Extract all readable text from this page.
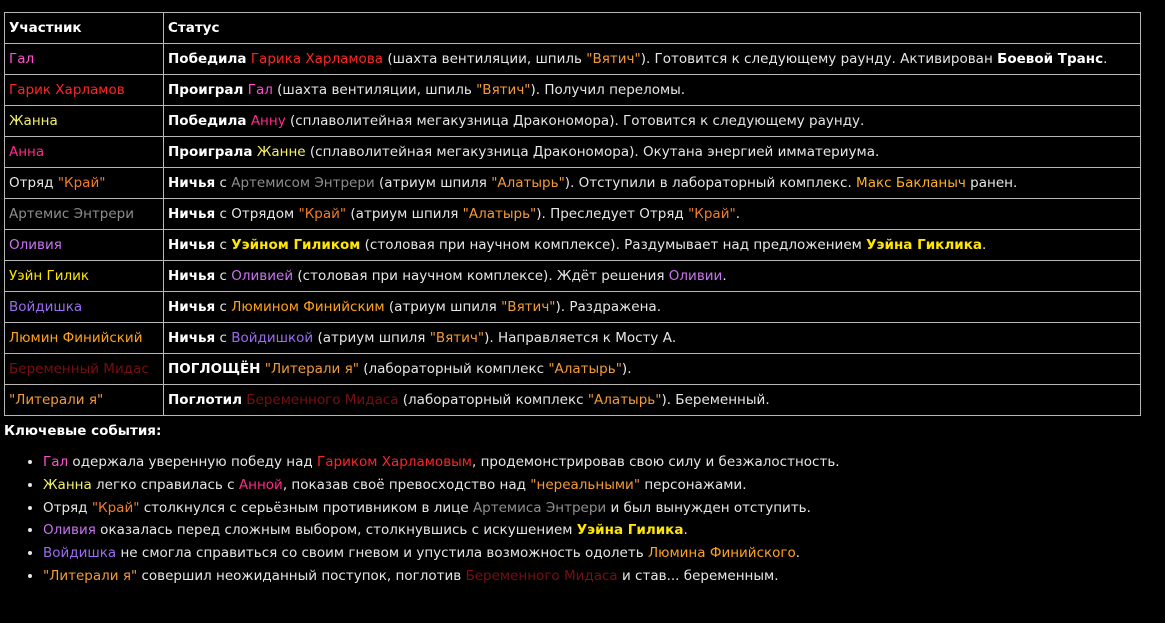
Участник	Статус
Гал	Победила Гарика Харламова (шахта вентиляции, шпиль "Вятич"). Готовится к следующему раунду. Активирован Боевой Транс.
Гарик Харламов	Проиграл Гал (шахта вентиляции, шпиль "Вятич"). Получил переломы.
Жанна	Победила Анну (сплаволитейная мегакузница Дракономора). Готовится к следующему раунду.
Анна	Проиграла Жанне (сплаволитейная мегакузница Дракономора). Окутана энергией имматериума.
Отряд "Край"	Ничья с Артемисом Энтрери (атриум шпиля "Алатырь"). Отступили в лабораторный комплекс. Макс Бакланыч ранен.
Артемис Энтрери	Ничья с Отрядом "Край" (атриум шпиля "Алатырь"). Преследует Отряд "Край".
Оливия	Ничья с Уэйном Гиликом (столовая при научном комплексе). Раздумывает над предложением Уэйна Гиклика.
Уэйн Гилик	Ничья с Оливией (столовая при научном комплексе). Ждёт решения Оливии.
Войдишка	Ничья с Люмином Финийским (атриум шпиля "Вятич"). Раздражена.
Люмин Финийский	Ничья с Войдишкой (атриум шпиля "Вятич"). Направляется к Мосту А.
Беременный Мидас	ПОГЛОЩЁН "Литерали я" (лабораторный комплекс "Алатырь").
"Литерали я"	Поглотил Беременного Мидаса (лабораторный комплекс "Алатырь"). Беременный.
Ключевые события:
• Гал одержала уверенную победу над Гариком Харламовым, продемонстрировав свою силу и безжалостность.
• Жанна легко справилась с Анной, показав своё превосходство над "нереальными" персонажами.
• Отряд "Край" столкнулся с серьёзным противником в лице Артемиса Энтрери и был вынужден отступить.
• Оливия оказалась перед сложным выбором, столкнувшись с искушением Уэйна Гилика.
• Войдишка не смогла справиться со своим гневом и упустила возможность одолеть Люмина Финийского.
• "Литерали я" совершил неожиданный поступок, поглотив Беременного Мидаса и став... беременным.
